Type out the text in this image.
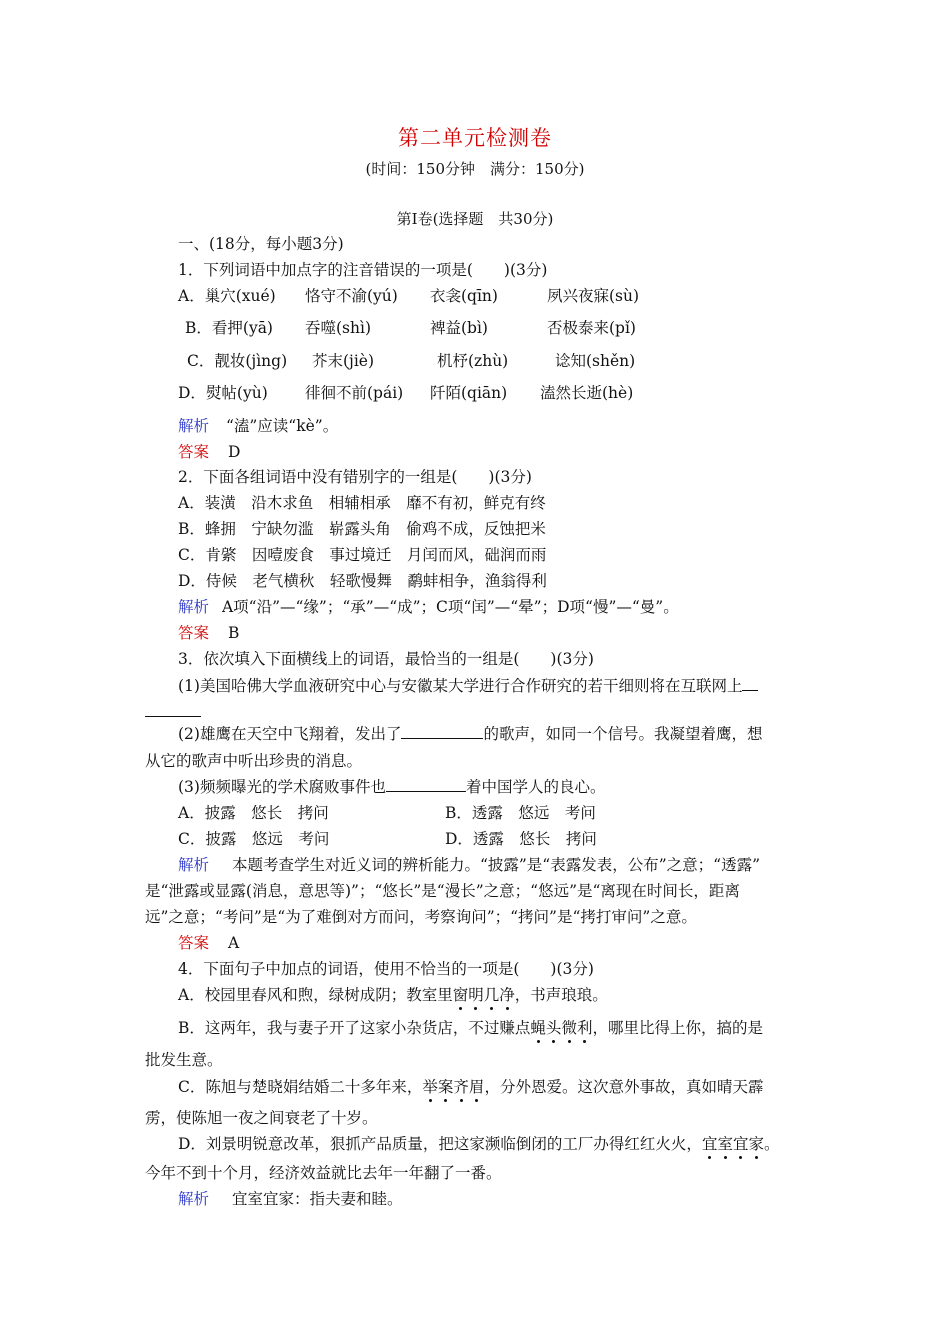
第二单元检测卷
(时间：150分钟　满分：150分)
第Ⅰ卷(选择题　共30分)
一、(18分，每小题3分)
1．下列词语中加点字的注音错误的一项是(　　)(3分)
A．巢穴(xué) 恪守不渝(yú) 衣衾(qīn)	夙兴夜寐(sù)
B．看押(yā) 吞噬(shì)	裨益(bì)	否极泰来(pǐ)
C．靓妆(jìng) 芥末(jiè)	机杼(zhù)	谂知(shěn)
D．熨帖(yù) 徘徊不前(pái) 阡陌(qiān) 溘然长逝(hè)
解析 “溘”应读“kè”。
答案 D
2．下面各组词语中没有错别字的一组是(　　)(3分)
A．装潢　沿木求鱼　相辅相承　靡不有初，鲜克有终
B．蜂拥　宁缺勿滥　崭露头角　偷鸡不成，反蚀把米
C．肯綮　因噎废食　事过境迁　月闰而风，础润而雨
D．侍候　老气横秋　轻歌慢舞　鹬蚌相争，渔翁得利
解析 A项“沿”—“缘”；“承”—“成”；C项“闰”—“晕”；D项“慢”—“曼”。
答案 B
3．依次填入下面横线上的词语，最恰当的一组是(　　)(3分)
(1)美国哈佛大学血液研究中心与安徽某大学进行合作研究的若干细则将在互联网上
(2)雄鹰在天空中飞翔着，发出了	的歌声，如同一个信号。我凝望着鹰，想
从它的歌声中听出珍贵的消息。
(3)频频曝光的学术腐败事件也	着中国学人的良心。
A．披露　悠长　拷问	B．透露　悠远　考问
C．披露　悠远　考问	D．透露　悠长　拷问
解析 本题考查学生对近义词的辨析能力。“披露”是“表露发表，公布”之意；“透露”
是“泄露或显露(消息，意思等)”；“悠长”是“漫长”之意；“悠远”是“离现在时间长，距离
远”之意；“考问”是“为了难倒对方而问，考察询问”；“拷问”是“拷打审问”之意。
答案 A
4．下面句子中加点的词语，使用不恰当的一项是(　　)(3分)
A．校园里春风和煦，绿树成阴；教室里窗明几净，书声琅琅。
B．这两年，我与妻子开了这家小杂货店，不过赚点蝇头微利，哪里比得上你，搞的是
批发生意。
C．陈旭与楚晓娟结婚二十多年来，举案齐眉，分外恩爱。这次意外事故，真如晴天霹
雳，使陈旭一夜之间衰老了十岁。
D．刘景明锐意改革，狠抓产品质量，把这家濒临倒闭的工厂办得红红火火，宜室宜家。
今年不到十个月，经济效益就比去年一年翻了一番。
解析 宜室宜家：指夫妻和睦。
